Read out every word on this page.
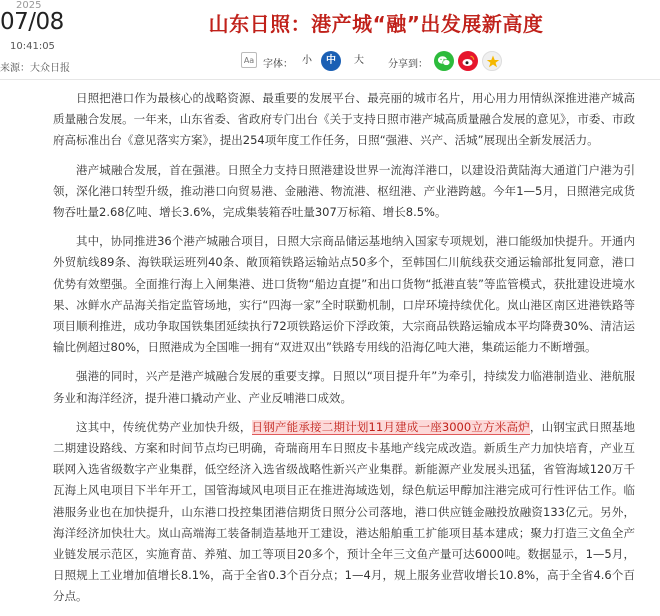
2025
07/08
10:41:05
来源：大众日报
山东日照：港产城“融”出发展新高度
Aa 字体： 小	中	大	分享到：

日照把港口作为最核心的战略资源、最重要的发展平台、最亮丽的城市名片，用心用力用情纵深推进港产城高质量融合发展。一年来，山东省委、省政府专门出台《关于支持日照市港产城高质量融合发展的意见》，市委、市政府高标准出台《意见落实方案》，提出254项年度工作任务，日照“强港、兴产、活城”展现出全新发展活力。

港产城融合发展，首在强港。日照全力支持日照港建设世界一流海洋港口，以建设沿黄陆海大通道门户港为引领，深化港口转型升级，推动港口向贸易港、金融港、物流港、枢纽港、产业港跨越。今年1—5月，日照港完成货物吞吐量2.68亿吨、增长3.6%，完成集装箱吞吐量307万标箱、增长8.5%。

其中，协同推进36个港产城融合项目，日照大宗商品储运基地纳入国家专项规划，港口能级加快提升。开通内外贸航线89条、海铁联运班列40条、敞顶箱铁路运输站点50多个，至韩国仁川航线获交通运输部批复同意，港口优势有效塑强。全面推行海上入闸集港、进口货物“船边直提”和出口货物“抵港直装”等监管模式，获批建设进境水果、冰鲜水产品海关指定监管场地，实行“四海一家”全时联勤机制，口岸环境持续优化。岚山港区南区进港铁路等项目顺利推进，成功争取国铁集团延续执行72项铁路运价下浮政策，大宗商品铁路运输成本平均降费30%、清洁运输比例超过80%，日照港成为全国唯一拥有“双进双出”铁路专用线的沿海亿吨大港，集疏运能力不断增强。

强港的同时，兴产是港产城融合发展的重要支撑。日照以“项目提升年”为牵引，持续发力临港制造业、港航服务业和海洋经济，提升港口撬动产业、产业反哺港口成效。

这其中，传统优势产业加快升级，日钢产能承接二期计划11月建成一座3000立方米高炉，山钢宝武日照基地二期建设路线、方案和时间节点均已明确，奇瑞商用车日照皮卡基地产线完成改造。新质生产力加快培育，产业互联网入选省级数字产业集群，低空经济入选省级战略性新兴产业集群。新能源产业发展头迅猛，省管海域120万千瓦海上风电项目下半年开工，国管海域风电项目正在推进海域选划，绿色航运甲醇加注港完成可行性评估工作。临港服务业也在加快提升，山东港口投控集团港信期货日照分公司落地，港口供应链金融投放融资133亿元。另外，海洋经济加快壮大。岚山高端海工装备制造基地开工建设，港达船舶重工扩能项目基本建成；聚力打造三文鱼全产业链发展示范区，实施育苗、养殖、加工等项目20多个，预计全年三文鱼产量可达6000吨。数据显示，1—5月，日照规上工业增加值增长8.1%，高于全省0.3个百分点；1—4月，规上服务业营收增长10.8%，高于全省4.6个百分点。
